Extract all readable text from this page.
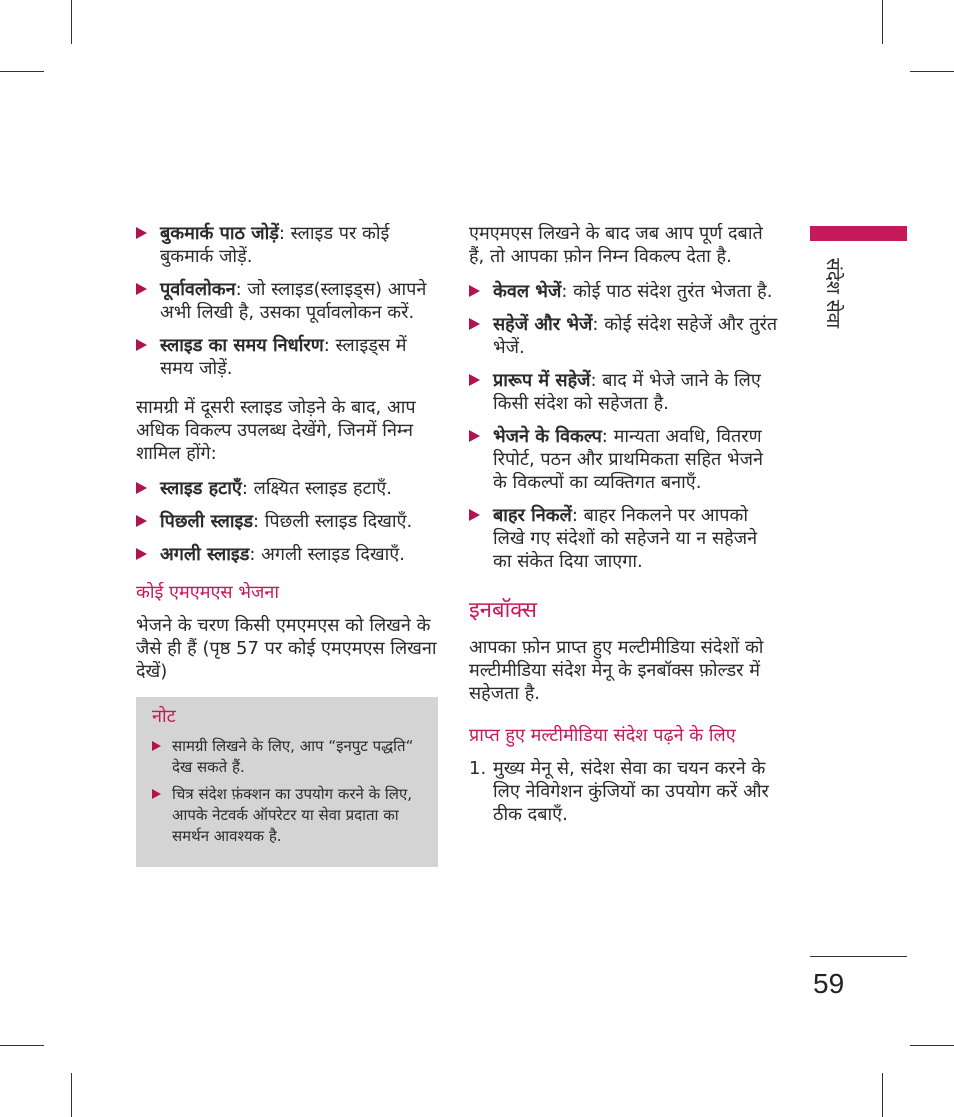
बुकमार्क पाठ जोड़ें: स्लाइड पर कोई बुकमार्क जोड़ें.
पूर्वावलोकन: जो स्लाइड(स्लाइड्स) आपने अभी लिखी है, उसका पूर्वावलोकन करें.
स्लाइड का समय निर्धारण: स्लाइड्स में समय जोड़ें.

सामग्री में दूसरी स्लाइड जोड़ने के बाद, आप अधिक विकल्प उपलब्ध देखेंगे, जिनमें निम्न शामिल होंगे:

स्लाइड हटाएँ: लक्ष्यित स्लाइड हटाएँ.
पिछली स्लाइड: पिछली स्लाइड दिखाएँ.
अगली स्लाइड: अगली स्लाइड दिखाएँ.
कोई एमएमएस भेजना

भेजने के चरण किसी एमएमएस को लिखने के जैसे ही हैं (पृष्ठ 57 पर कोई एमएमएस लिखना देखें)

नोट
सामग्री लिखने के लिए, आप “इनपुट पद्धति“ देख सकते हैं.
चित्र संदेश फ़ंक्शन का उपयोग करने के लिए, आपके नेटवर्क ऑपरेटर या सेवा प्रदाता का समर्थन आवश्यक है.

एमएमएस लिखने के बाद जब आप पूर्ण दबाते हैं, तो आपका फ़ोन निम्न विकल्प देता है.

केवल भेजें: कोई पाठ संदेश तुरंत भेजता है.
सहेजें और भेजें: कोई संदेश सहेजें और तुरंत भेजें.
प्रारूप में सहेजें: बाद में भेजे जाने के लिए किसी संदेश को सहेजता है.
भेजने के विकल्प: मान्यता अवधि, वितरण रिपोर्ट, पठन और प्राथमिकता सहित भेजने के विकल्पों का व्यक्तिगत बनाएँ.
बाहर निकलें: बाहर निकलने पर आपको लिखे गए संदेशों को सहेजने या न सहेजने का संकेत दिया जाएगा.
इनबॉक्स

आपका फ़ोन प्राप्त हुए मल्टीमीडिया संदेशों को मल्टीमीडिया संदेश मेनू के इनबॉक्स फ़ोल्डर में सहेजता है.

प्राप्त हुए मल्टीमीडिया संदेश पढ़ने के लिए
1. मुख्य मेनू से, संदेश सेवा का चयन करने के लिए नेविगेशन कुंजियों का उपयोग करें और ठीक दबाएँ.
संदेश सेवा
59
